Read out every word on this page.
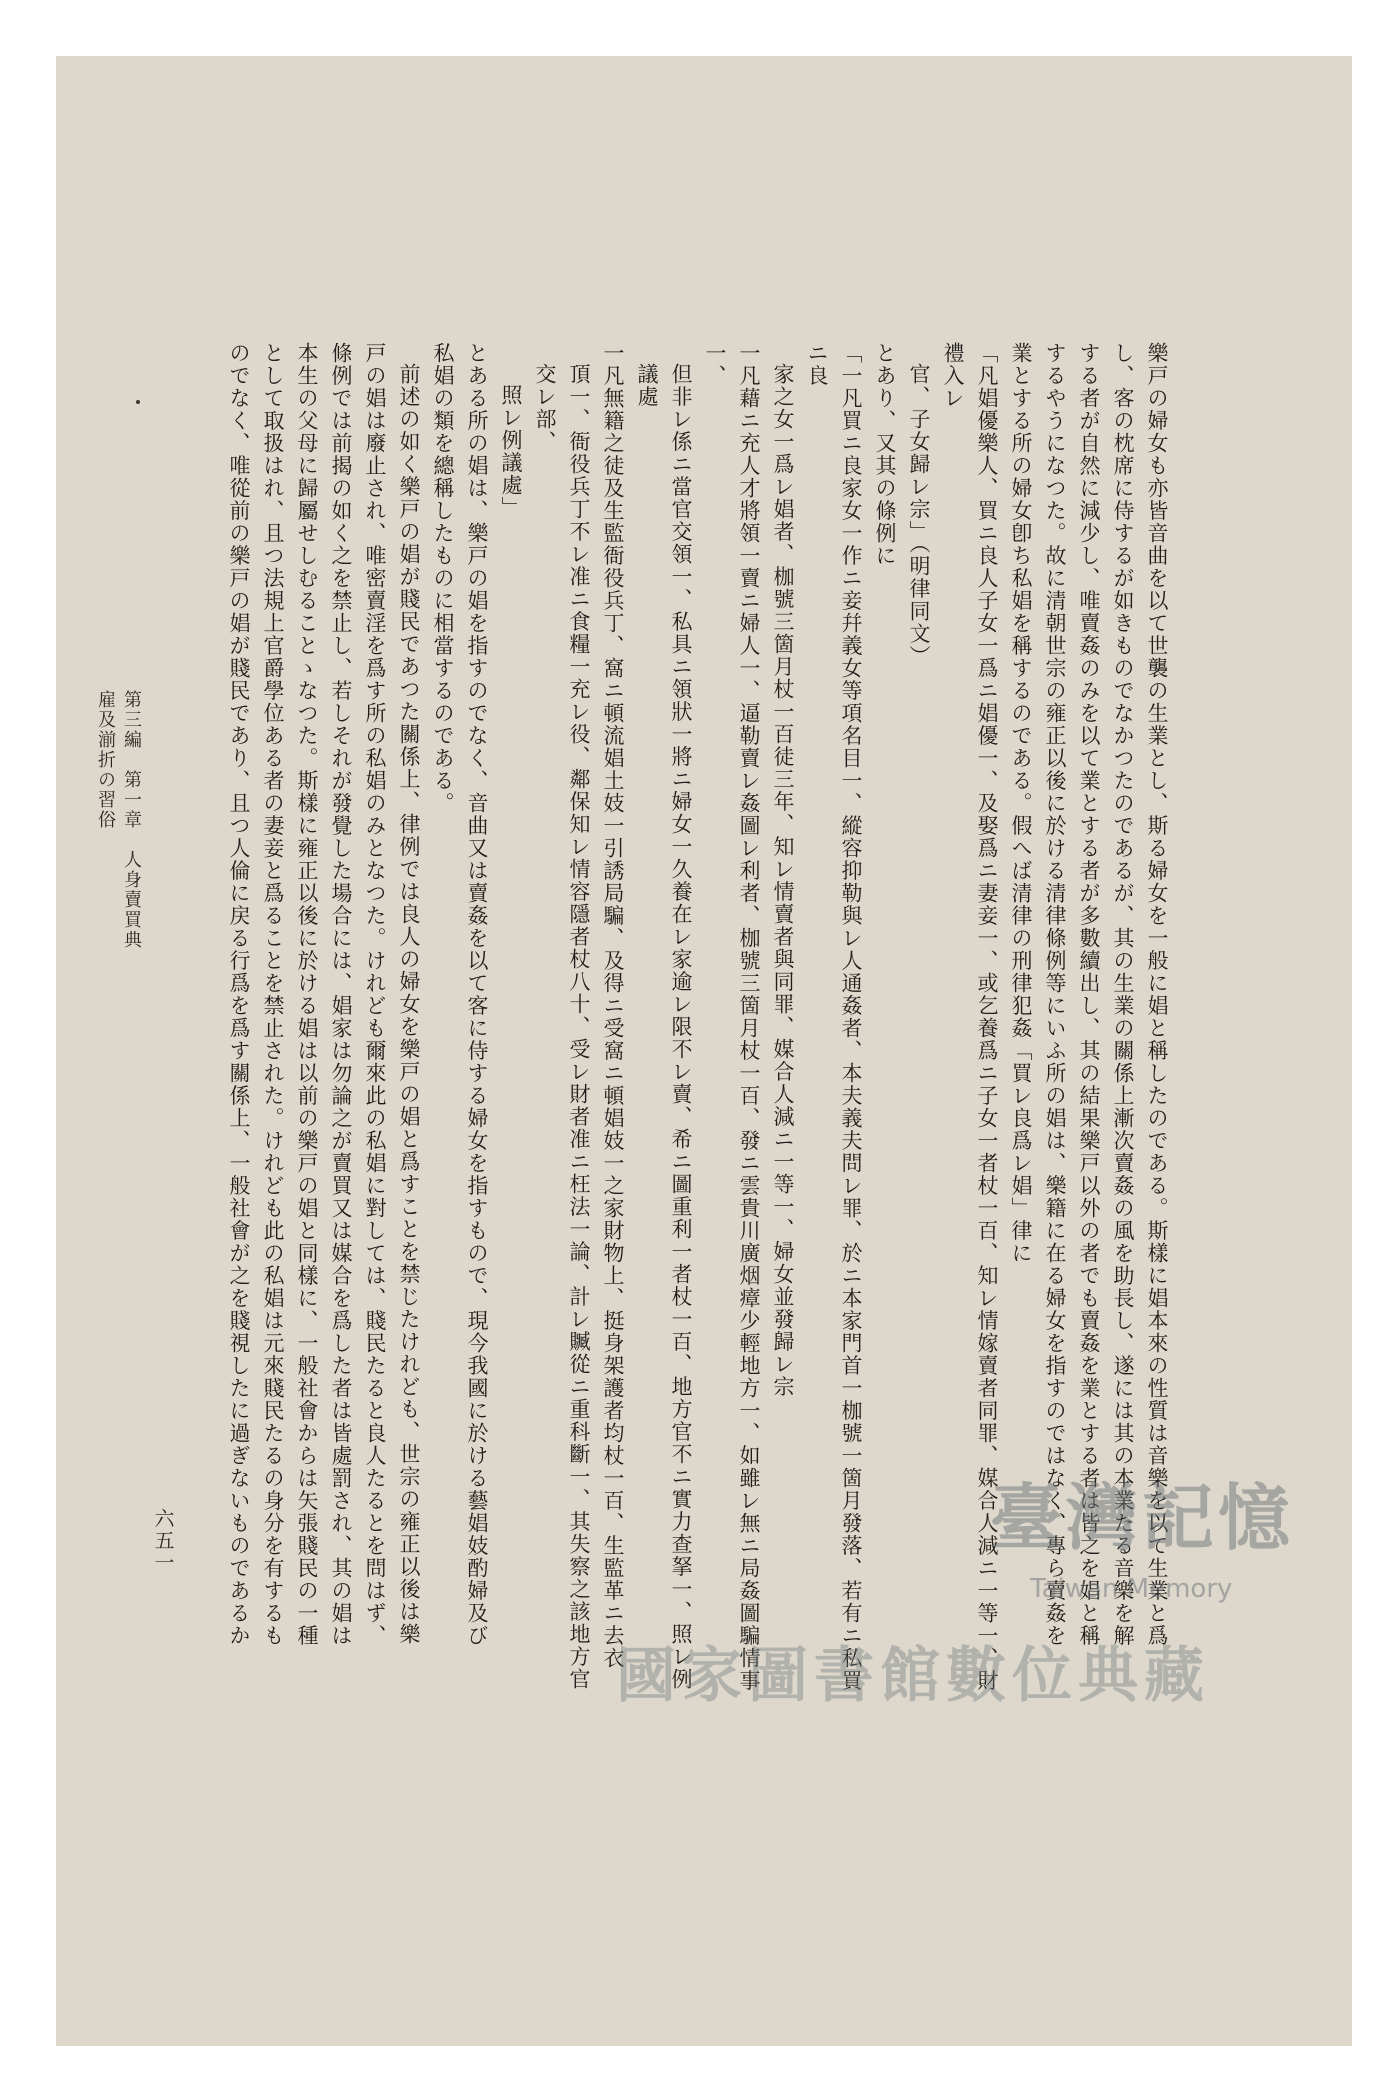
樂戸の婦女も亦皆音曲を以て世襲の生業とし、斯る婦女を一般に娼と稱したのである。斯樣に娼本來の性質は音樂を以て生業と爲

し、客の枕席に侍するが如きものでなかつたのであるが、其の生業の關係上漸次賣姦の風を助長し、遂には其の本業たる音樂を解

する者が自然に減少し、唯賣姦のみを以て業とする者が多數續出し、其の結果樂戸以外の者でも賣姦を業とする者は皆之を娼と稱

するやうになつた。故に清朝世宗の雍正以後に於ける清律條例等にいふ所の娼は、樂籍に在る婦女を指すのではなく、專ら賣姦を

業とする所の婦女卽ち私娼を稱するのである。假へば清律の刑律犯姦「買レ良爲レ娼」律に

「凡娼優樂人、買ニ良人子女一爲ニ娼優一、及娶爲ニ妻妾一、或乞養爲ニ子女一者杖一百、知レ情嫁賣者同罪、媒合人減ニ一等一、財禮入レ

官、子女歸レ宗」（明律同文）

とあり、又其の條例に

「一凡買ニ良家女一作ニ妾幷義女等項名目一、縱容抑勒與レ人通姦者、本夫義夫問レ罪、於ニ本家門首一枷號一箇月發落、若有ニ私買ニ良

家之女一爲レ娼者、枷號三箇月杖一百徒三年、知レ情賣者與同罪、媒合人減ニ一等一、婦女並發歸レ宗

一凡藉ニ充人才將領一賣ニ婦人一、逼勒賣レ姦圖レ利者、枷號三箇月杖一百、發ニ雲貴川廣烟瘴少輕地方一、如雖レ無ニ局姦圖騙情事一、

但非レ係ニ當官交領一、私具ニ領狀一將ニ婦女一久養在レ家逾レ限不レ賣、希ニ圖重利一者杖一百、地方官不ニ實力查拏一、照レ例議處

一凡無籍之徒及生監衙役兵丁、窩ニ頓流娼土妓一引誘局騙、及得ニ受窩ニ頓娼妓一之家財物上、挺身架護者均杖一百、生監革ニ去衣

頂一、衙役兵丁不レ准ニ食糧一充レ役、鄰保知レ情容隱者杖八十、受レ財者准ニ枉法一論、計レ贓從ニ重科斷一、其失察之該地方官交レ部、

照レ例議處」

とある所の娼は、樂戸の娼を指すのでなく、音曲又は賣姦を以て客に侍する婦女を指すもので、現今我國に於ける藝娼妓酌婦及び

私娼の類を總稱したものに相當するのである。

前述の如く樂戸の娼が賤民であつた關係上、律例では良人の婦女を樂戸の娼と爲すことを禁じたけれども、世宗の雍正以後は樂

戸の娼は廢止され、唯密賣淫を爲す所の私娼のみとなつた。けれども爾來此の私娼に對しては、賤民たると良人たるとを問はず、

條例では前揭の如く之を禁止し、若しそれが發覺した場合には、娼家は勿論之が賣買又は媒合を爲した者は皆處罰され、其の娼は

本生の父母に歸屬せしむることゝなつた。斯樣に雍正以後に於ける娼は以前の樂戸の娼と同樣に、一般社會からは矢張賤民の一種

として取扱はれ、且つ法規上官爵學位ある者の妻妾と爲ることを禁止された。けれども此の私娼は元來賤民たるの身分を有するも

のでなく、唯從前の樂戸の娼が賤民であり、且つ人倫に戻る行爲を爲す關係上、一般社會が之を賤視したに過ぎないものであるか

第三編　第一章　人身賣買典雇及湔折の習俗
六五一	臺灣記憶
Taiwan Memory
國家圖書館數位典藏
